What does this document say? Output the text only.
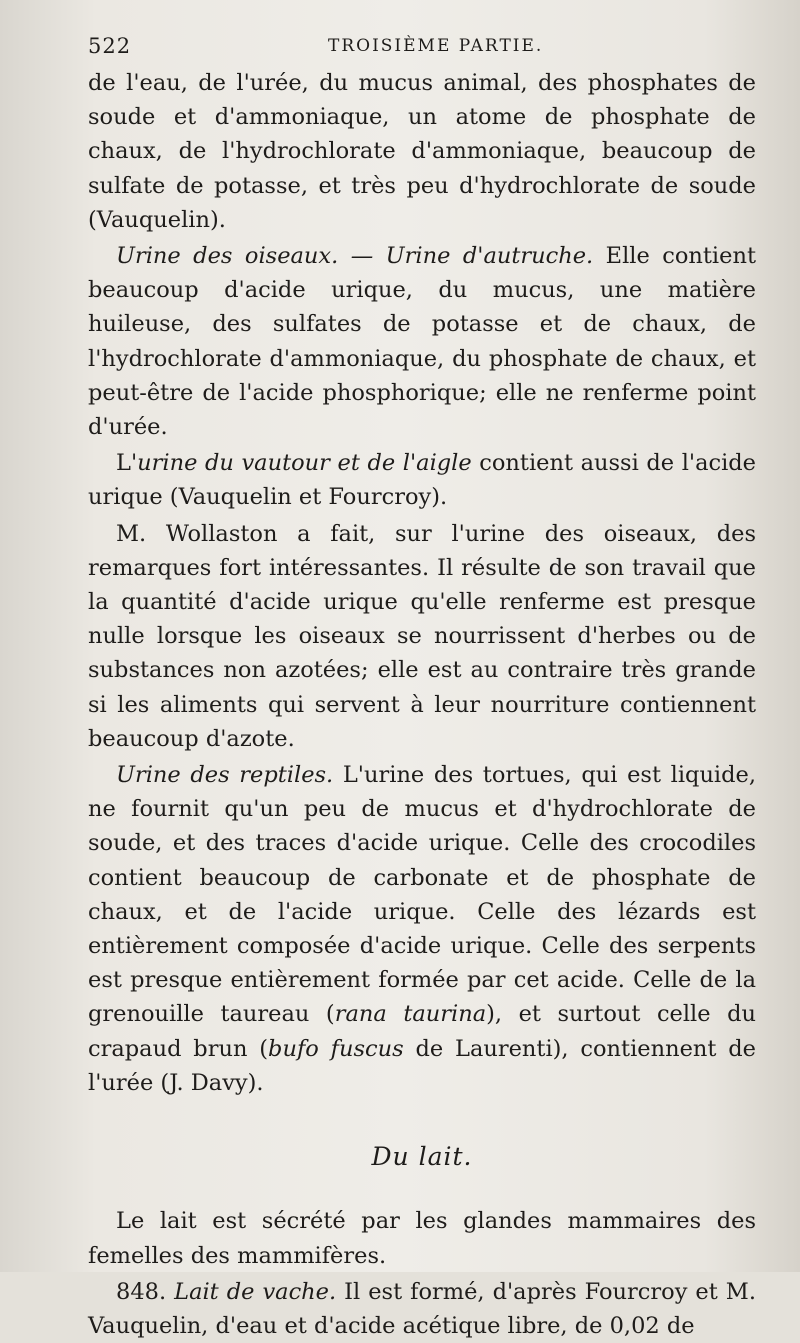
522	TROISIÈME PARTIE.

de l'eau, de l'urée, du mucus animal, des phosphates de soude et d'ammoniaque, un atome de phosphate de chaux, de l'hydrochlorate d'ammoniaque, beaucoup de sulfate de potasse, et très peu d'hydrochlorate de soude (Vauquelin).

Urine des oiseaux. — Urine d'autruche. Elle contient beaucoup d'acide urique, du mucus, une matière huileuse, des sulfates de potasse et de chaux, de l'hydrochlorate d'ammoniaque, du phosphate de chaux, et peut-être de l'acide phosphorique; elle ne renferme point d'urée.

L'urine du vautour et de l'aigle contient aussi de l'acide urique (Vauquelin et Fourcroy).

M. Wollaston a fait, sur l'urine des oiseaux, des remarques fort intéressantes. Il résulte de son travail que la quantité d'acide urique qu'elle renferme est presque nulle lorsque les oiseaux se nourrissent d'herbes ou de substances non azotées; elle est au contraire très grande si les aliments qui servent à leur nourriture contiennent beaucoup d'azote.

Urine des reptiles. L'urine des tortues, qui est liquide, ne fournit qu'un peu de mucus et d'hydrochlorate de soude, et des traces d'acide urique. Celle des crocodiles contient beaucoup de carbonate et de phosphate de chaux, et de l'acide urique. Celle des lézards est entièrement composée d'acide urique. Celle des serpents est presque entièrement formée par cet acide. Celle de la grenouille taureau (rana taurina), et surtout celle du crapaud brun (bufo fuscus de Laurenti), contiennent de l'urée (J. Davy).

Du lait.

Le lait est sécrété par les glandes mammaires des femelles des mammifères.

848. Lait de vache. Il est formé, d'après Fourcroy et M. Vauquelin, d'eau et d'acide acétique libre, de 0,02 de
